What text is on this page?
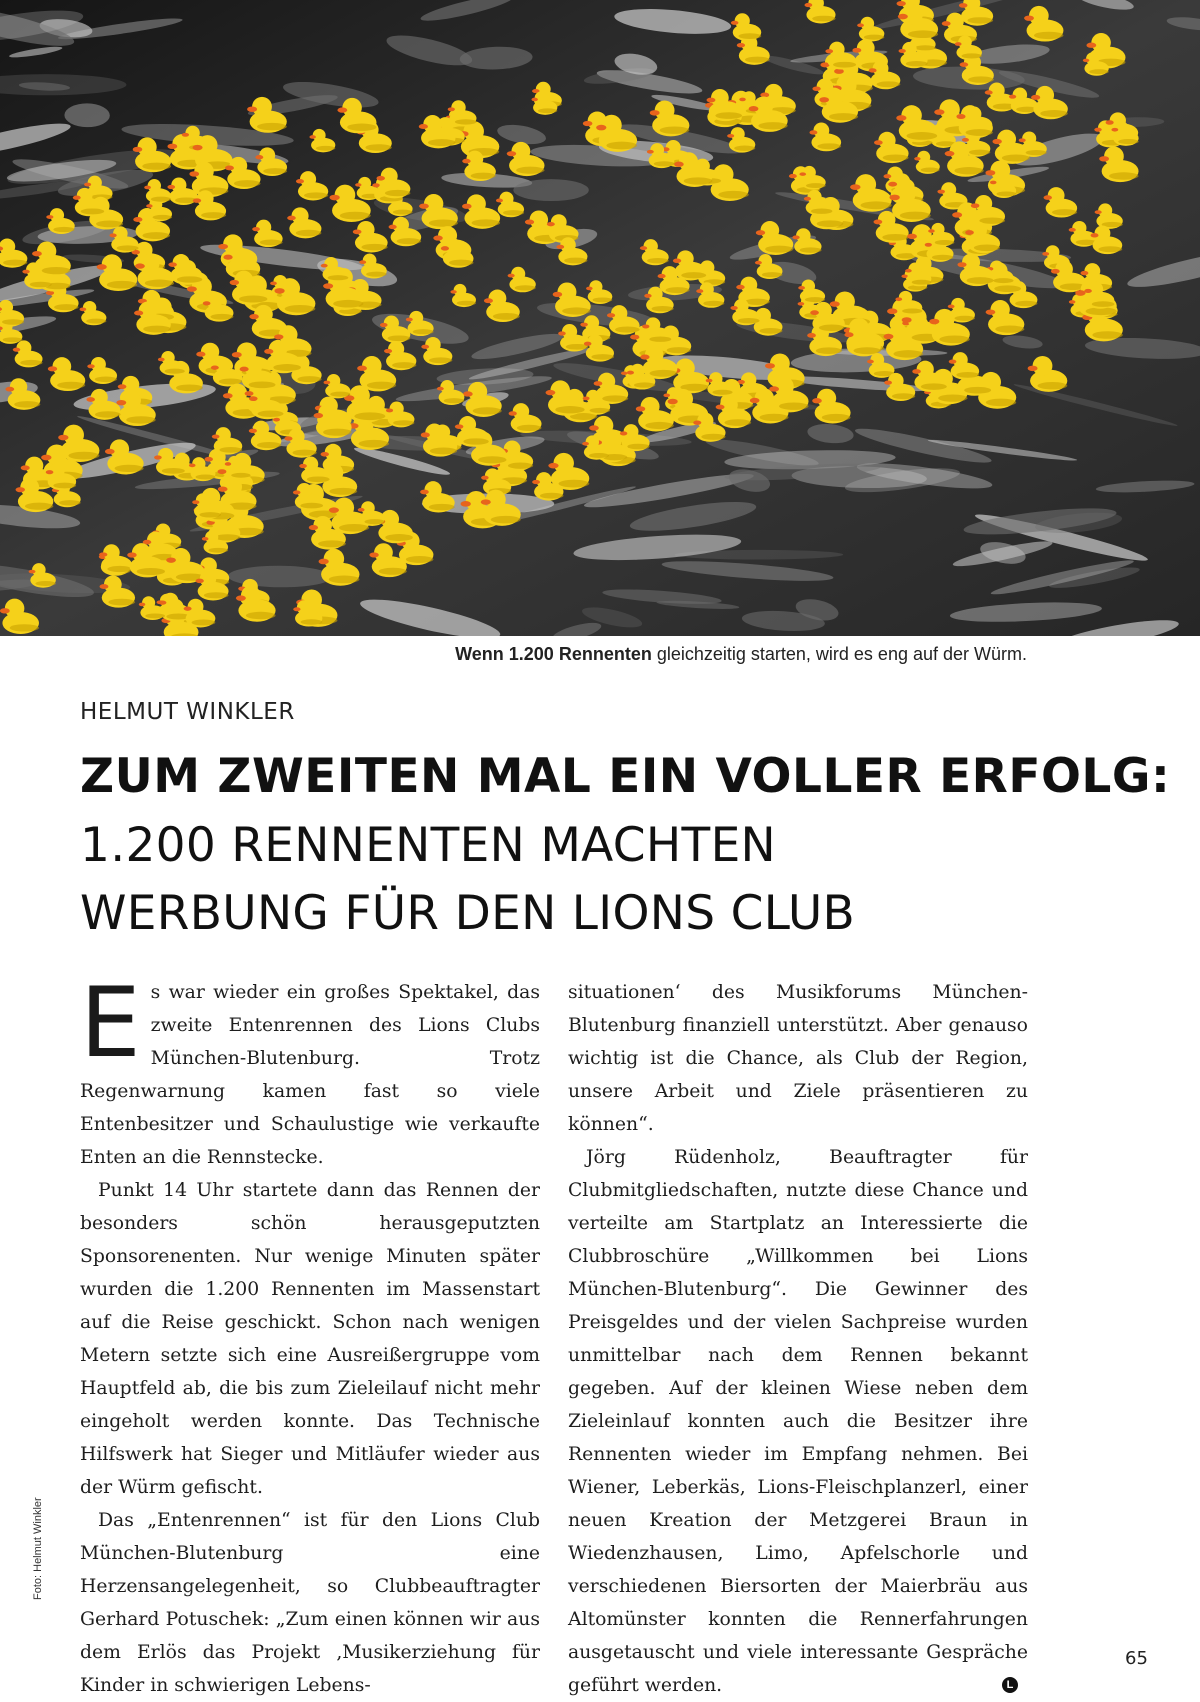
Wenn 1.200 Rennenten gleichzeitig starten, wird es eng auf der Würm.
HELMUT WINKLER
ZUM ZWEITEN MAL EIN VOLLER ERFOLG:
1.200 RENNENTEN MACHTEN
WERBUNG FÜR DEN LIONS CLUB

Es war wieder ein großes Spektakel, das zweite Entenrennen des Lions Clubs München-Blutenburg. Trotz Regenwarnung kamen fast so viele Entenbesitzer und Schaulustige wie verkaufte Enten an die Rennstecke.

Punkt 14 Uhr startete dann das Rennen der besonders schön herausgeputzten Sponsorenenten. Nur wenige Minuten später wurden die 1.200 Rennenten im Massenstart auf die Reise geschickt. Schon nach wenigen Metern setzte sich eine Ausreißergruppe vom Hauptfeld ab, die bis zum Zieleilauf nicht mehr eingeholt werden konnte. Das Technische Hilfswerk hat Sieger und Mitläufer wieder aus der Würm gefischt.

Das „Entenrennen“ ist für den Lions Club München-Blutenburg eine Herzensangelegenheit, so Clubbeauftragter Gerhard Potuschek: „Zum einen können wir aus dem Erlös das Projekt ‚Musikerziehung für Kinder in schwierigen Lebens-

situationen‘ des Musikforums München-Blutenburg finanziell unterstützt. Aber genauso wichtig ist die Chance, als Club der Region, unsere Arbeit und Ziele präsentieren zu können“.

Jörg Rüdenholz, Beauftragter für Clubmitgliedschaften, nutzte diese Chance und verteilte am Startplatz an Interessierte die Clubbroschüre „Willkommen bei Lions München-Blutenburg“. Die Gewinner des Preisgeldes und der vielen Sachpreise wurden unmittelbar nach dem Rennen bekannt gegeben. Auf der kleinen Wiese neben dem Zieleinlauf konnten auch die Besitzer ihre Rennenten wieder im Empfang nehmen. Bei Wiener, Leberkäs, Lions-Fleischplanzerl, einer neuen Kreation der Metzgerei Braun in Wiedenzhausen, Limo, Apfelschorle und verschiedenen Biersorten der Maierbräu aus Altomünster konnten die Rennerfahrungen ausgetauscht und viele interessante Gespräche geführt werden.	L

Foto: Helmut Winkler
65
